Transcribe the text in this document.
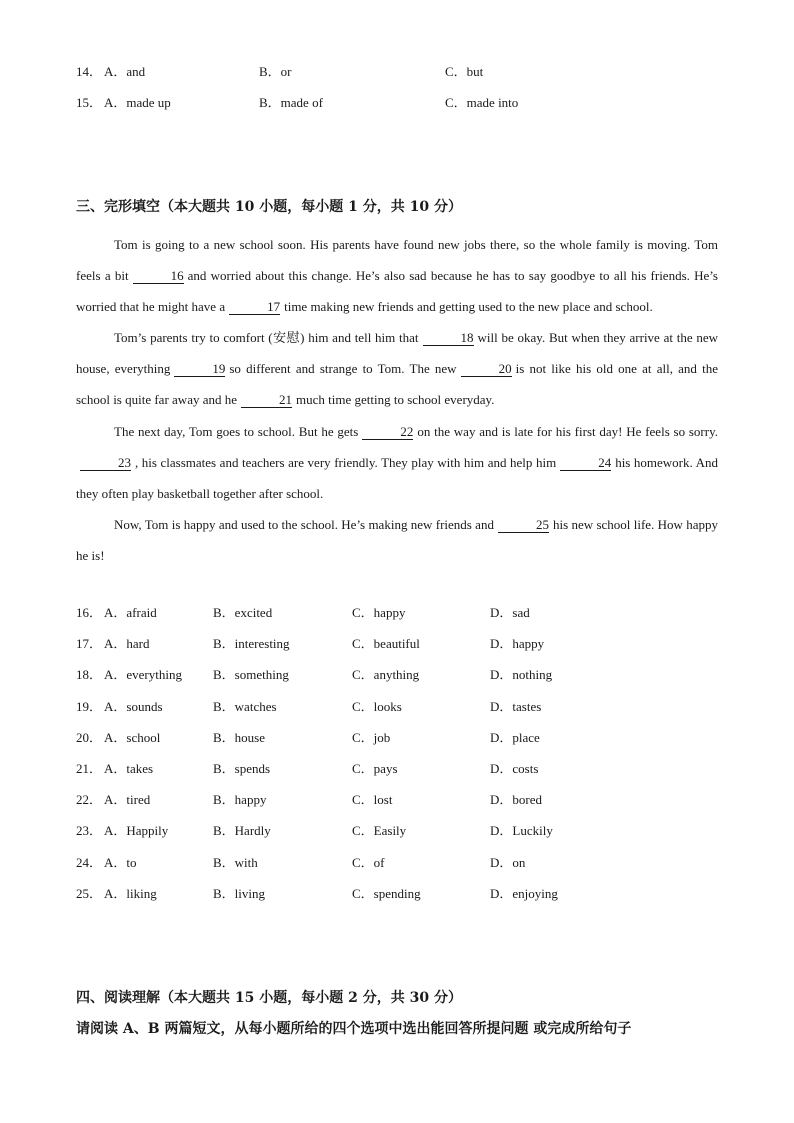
14． A．and	B．or	C．but
15． A．made up	B．made of	C．made into
三、完形填空（本大题共 10 小题，每小题 1 分，共 10 分）

Tom is going to a new school soon. His parents have found new jobs there, so the whole family is moving. Tom feels a bit	16 and worried about this change. He’s also sad because he has to say goodbye to all his friends. He’s worried that he might have a	17 time making new friends and getting used to the new place and school.

Tom’s parents try to comfort (安慰) him and tell him that	18 will be okay. But when they arrive at the new house, everything	19 so different and strange to Tom. The new	20 is not like his old one at all, and the school is quite far away and he	21 much time getting to school everyday.

The next day, Tom goes to school. But he gets	22 on the way and is late for his first day! He feels so sorry.23 , his classmates and teachers are very friendly. They play with him and help him	24 his homework. And they often play basketball together after school.

Now, Tom is happy and used to the school. He’s making new friends and	25 his new school life. How happy he is!

16． A．afraid	B．excited	C．happy	D．sad
17． A．hard	B．interesting	C．beautiful	D．happy
18． A．everything B．something	C．anything	D．nothing
19． A．sounds	B．watches	C．looks	D．tastes
20． A．school	B．house	C．job	D．place
21． A．takes	B．spends	C．pays	D．costs
22． A．tired	B．happy	C．lost	D．bored
23． A．Happily	B．Hardly	C．Easily	D．Luckily
24． A．to	B．with	C．of	D．on
25． A．liking	B．living	C．spending	D．enjoying
四、阅读理解（本大题共 15 小题，每小题 2 分，共 30 分）
请阅读 A、B 两篇短文，从每小题所给的四个选项中选出能回答所提问题 或完成所给句子
